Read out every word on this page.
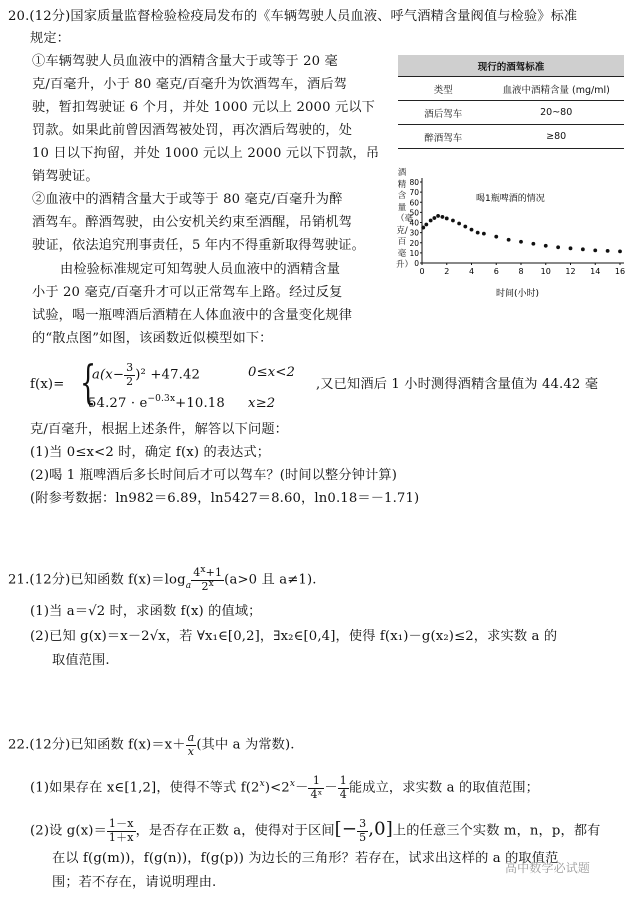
20.(12分)国家质量监督检验检疫局发布的《车辆驾驶人员血液、呼气酒精含量阀值与检验》标准
规定：
①车辆驾驶人员血液中的酒精含量大于或等于 20 毫
克/百毫升，小于 80 毫克/百毫升为饮酒驾车，酒后驾
驶，暂扣驾驶证 6 个月，并处 1000 元以上 2000 元以下
罚款。如果此前曾因酒驾被处罚，再次酒后驾驶的，处
10 日以下拘留，并处 1000 元以上 2000 元以下罚款，吊
销驾驶证。
②血液中的酒精含量大于或等于 80 毫克/百毫升为醉
酒驾车。醉酒驾驶，由公安机关约束至酒醒，吊销机驾
驶证，依法追究刑事责任，5 年内不得重新取得驾驶证。
由检验标准规定可知驾驶人员血液中的酒精含量
小于 20 毫克/百毫升才可以正常驾车上路。经过反复
试验，喝一瓶啤酒后酒精在人体血液中的含量变化规律
的“散点图”如图，该函数近似模型如下：
现行的酒驾标准	
类型	血液中酒精含量 (mg/ml)
酒后驾车	20~80
醉酒驾车	≥80
酒精含量（毫克/百毫升）
0 2 4 6 8 10 12 14 16
0
10
20
30
40
50
60
70
80
喝1瓶啤酒的情况
时间(小时)
f(x)= {
$a(x- \frac{3}{2} )^2 +47.42$	0≤x<2
$54.27 \cdot e^{-0.3x}+10.18$ x≥2
,又已知酒后 1 小时测得酒精含量值为 44.42 毫
克/百毫升，根据上述条件，解答以下问题：
(1)当 0≤x<2 时，确定 f(x) 的表达式；
(2)喝 1 瓶啤酒后多长时间后才可以驾车？(时间以整分钟计算)
(附参考数据：ln982＝6.89，ln5427＝8.60，ln0.18＝－1.71)
21.(12分)已知函数 $f(x)=\log_a \frac{4^x+1}{2^x} (a>0$ 且 a≠1).
(1)当 a＝√2 时，求函数 f(x) 的值域；
(2)已知 g(x)＝x－2√x，若 ∀x₁∈[0,2]，∃x₂∈[0,4]，使得 f(x₁)－g(x₂)≤2，求实数 a 的
取值范围.
22.(12分)已知函数 $f(x)=x+ \frac{a}{x}$ (其中 a 为常数).
(1)如果存在 x∈[1,2]，使得不等式 $f(2^x)<2^x- \frac{1}{\text{4ˣ}} - \frac{1}{4}$ 能成立，求实数 a 的取值范围；
(2)设 $g(x)= \frac{1-x}{1+x}$ ，是否存在正数 a，使得对于区间[− $\frac{3}{5} ,0$]上的任意三个实数 m，n，p，都有
在以 f(g(m))，f(g(n))，f(g(p)) 为边长的三角形？若存在，试求出这样的 a 的取值范
围；若不存在，请说明理由.
高中数学必试题
